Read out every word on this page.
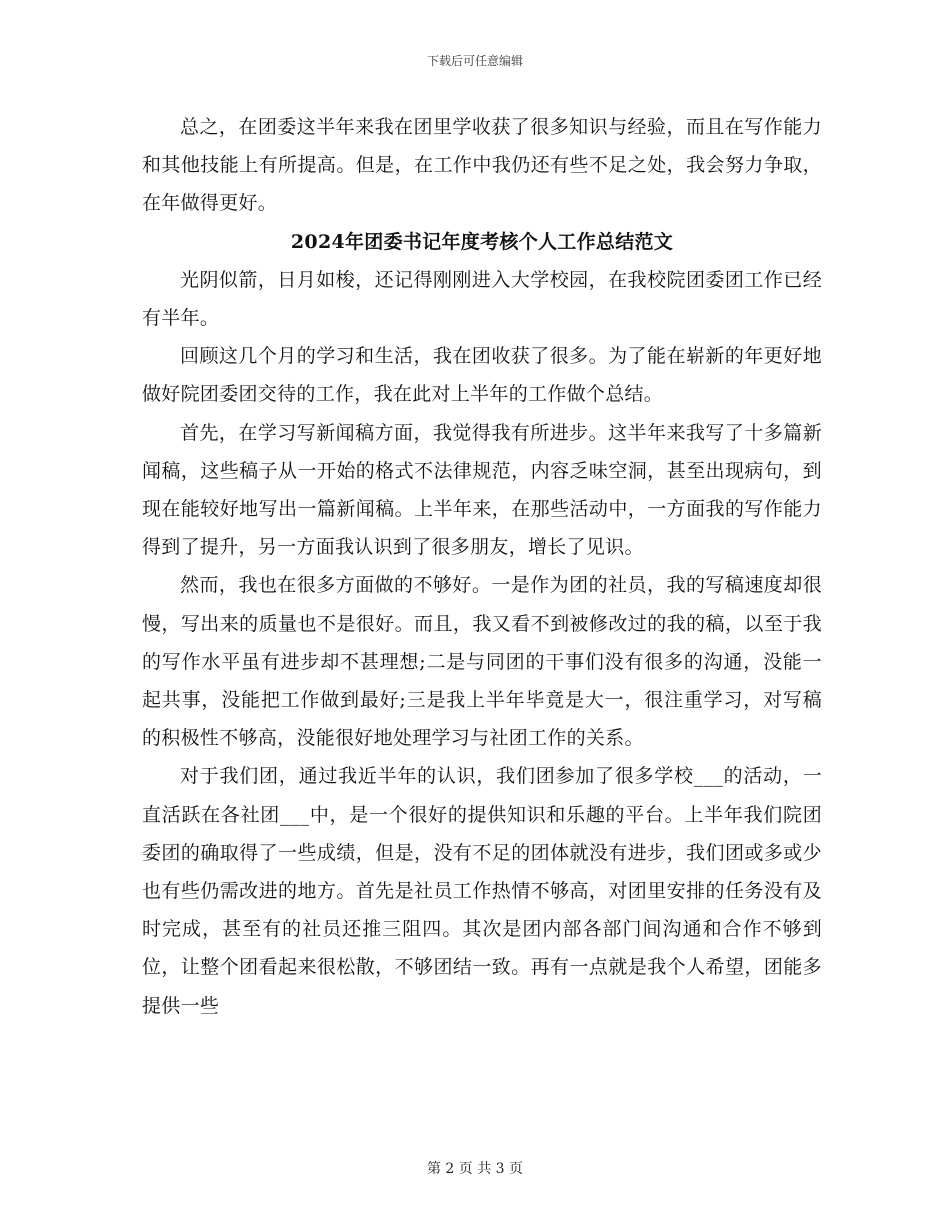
下载后可任意编辑

总之，在团委这半年来我在团里学收获了很多知识与经验，而且在写作能力和其他技能上有所提高。但是，在工作中我仍还有些不足之处，我会努力争取，在年做得更好。

2024年团委书记年度考核个人工作总结范文

光阴似箭，日月如梭，还记得刚刚进入大学校园，在我校院团委团工作已经有半年。

回顾这几个月的学习和生活，我在团收获了很多。为了能在崭新的年更好地做好院团委团交待的工作，我在此对上半年的工作做个总结。

首先，在学习写新闻稿方面，我觉得我有所进步。这半年来我写了十多篇新闻稿，这些稿子从一开始的格式不法律规范，内容乏味空洞，甚至出现病句，到现在能较好地写出一篇新闻稿。上半年来，在那些活动中，一方面我的写作能力得到了提升，另一方面我认识到了很多朋友，增长了见识。

然而，我也在很多方面做的不够好。一是作为团的社员，我的写稿速度却很慢，写出来的质量也不是很好。而且，我又看不到被修改过的我的稿，以至于我的写作水平虽有进步却不甚理想;二是与同团的干事们没有很多的沟通，没能一起共事，没能把工作做到最好;三是我上半年毕竟是大一，很注重学习，对写稿的积极性不够高，没能很好地处理学习与社团工作的关系。

对于我们团，通过我近半年的认识，我们团参加了很多学校___的活动，一直活跃在各社团___中，是一个很好的提供知识和乐趣的平台。上半年我们院团委团的确取得了一些成绩，但是，没有不足的团体就没有进步，我们团或多或少也有些仍需改进的地方。首先是社员工作热情不够高，对团里安排的任务没有及时完成，甚至有的社员还推三阻四。其次是团内部各部门间沟通和合作不够到位，让整个团看起来很松散，不够团结一致。再有一点就是我个人希望，团能多提供一些

第 2 页 共 3 页
